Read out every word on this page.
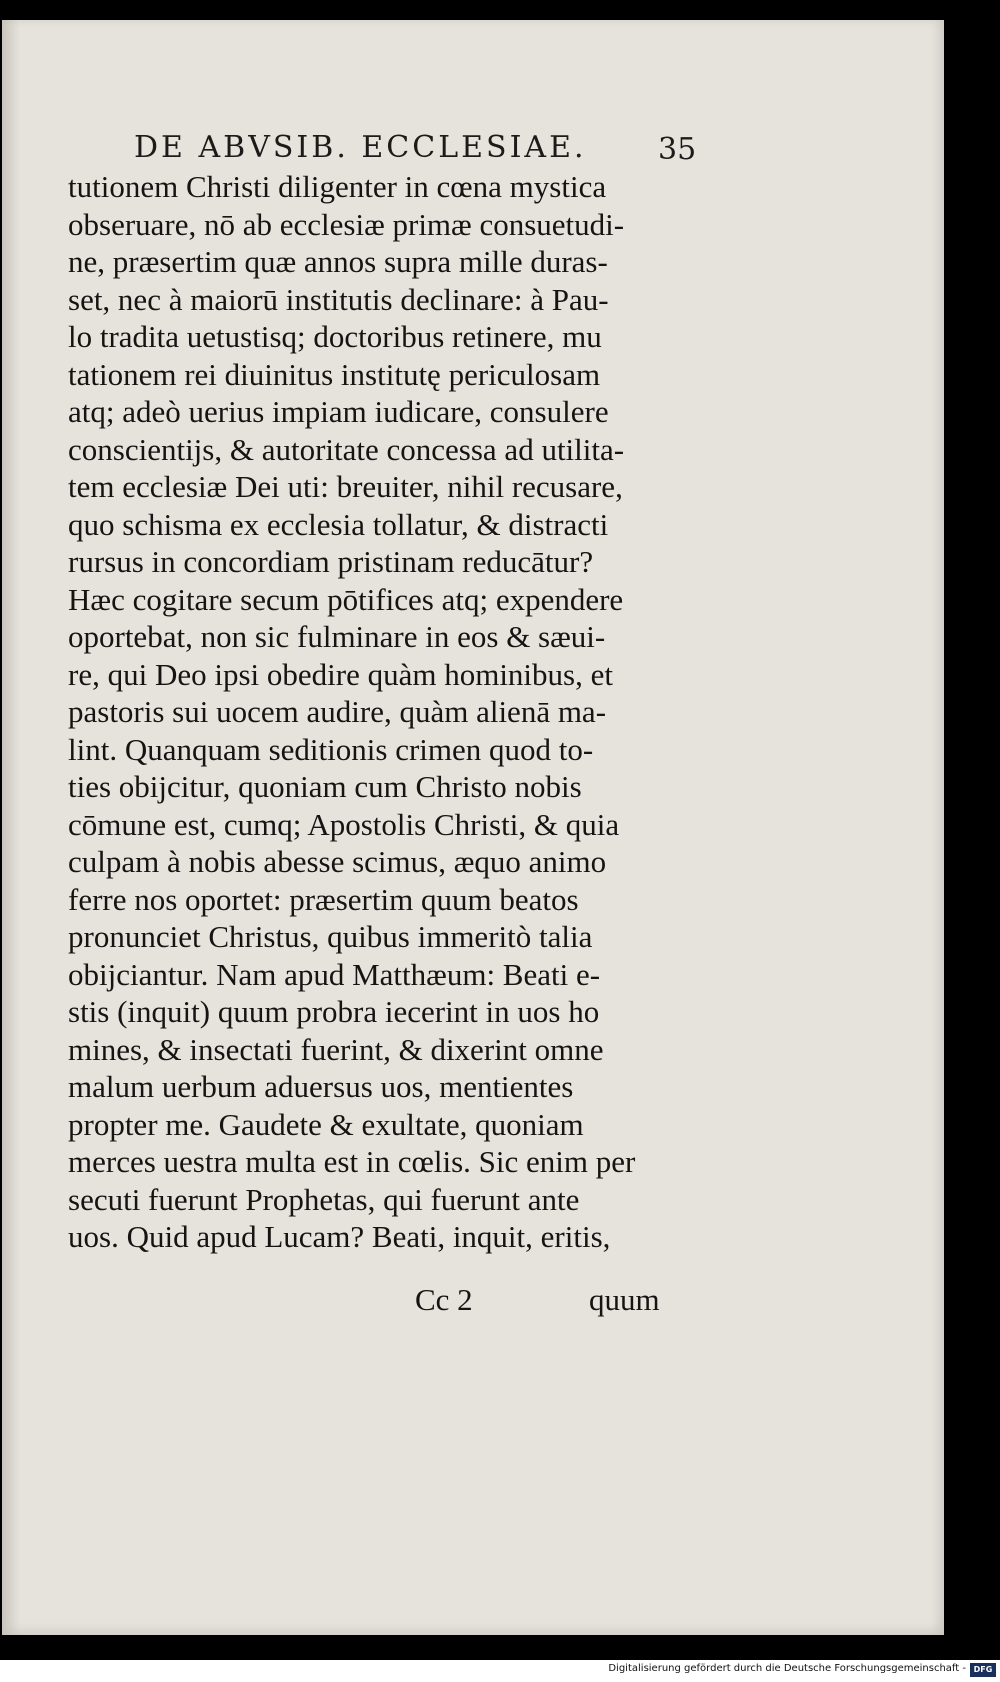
DE ABVSIB. ECCLESIAE. 35
tutionem Christi diligenter in cœna mystica
obseruare, nō ab ecclesiæ primæ consuetudi-
ne, præsertim quæ annos supra mille duras-
set, nec à maiorū institutis declinare: à Pau-
lo tradita uetustisq; doctoribus retinere, mu
tationem rei diuinitus institutę periculosam
atq; adeò uerius impiam iudicare, consulere
conscientijs, & autoritate concessa ad utilita-
tem ecclesiæ Dei uti: breuiter, nihil recusare,
quo schisma ex ecclesia tollatur, & distracti
rursus in concordiam pristinam reducātur?
Hæc cogitare secum pōtifices atq; expendere
oportebat, non sic fulminare in eos & sæui-
re, qui Deo ipsi obedire quàm hominibus, et
pastoris sui uocem audire, quàm alienā ma-
lint. Quanquam seditionis crimen quod to-
ties obijcitur, quoniam cum Christo nobis
cōmune est, cumq; Apostolis Christi, & quia
culpam à nobis abesse scimus, æquo animo
ferre nos oportet: præsertim quum beatos
pronunciet Christus, quibus immeritò talia
obijciantur. Nam apud Matthæum: Beati e-
stis (inquit) quum probra iecerint in uos ho
mines, & insectati fuerint, & dixerint omne
malum uerbum aduersus uos, mentientes
propter me. Gaudete & exultate, quoniam
merces uestra multa est in cœlis. Sic enim per
secuti fuerunt Prophetas, qui fuerunt ante
uos. Quid apud Lucam? Beati, inquit, eritis,
Cc 2	quum
Digitalisierung gefördert durch die Deutsche Forschungsgemeinschaft - DFG
